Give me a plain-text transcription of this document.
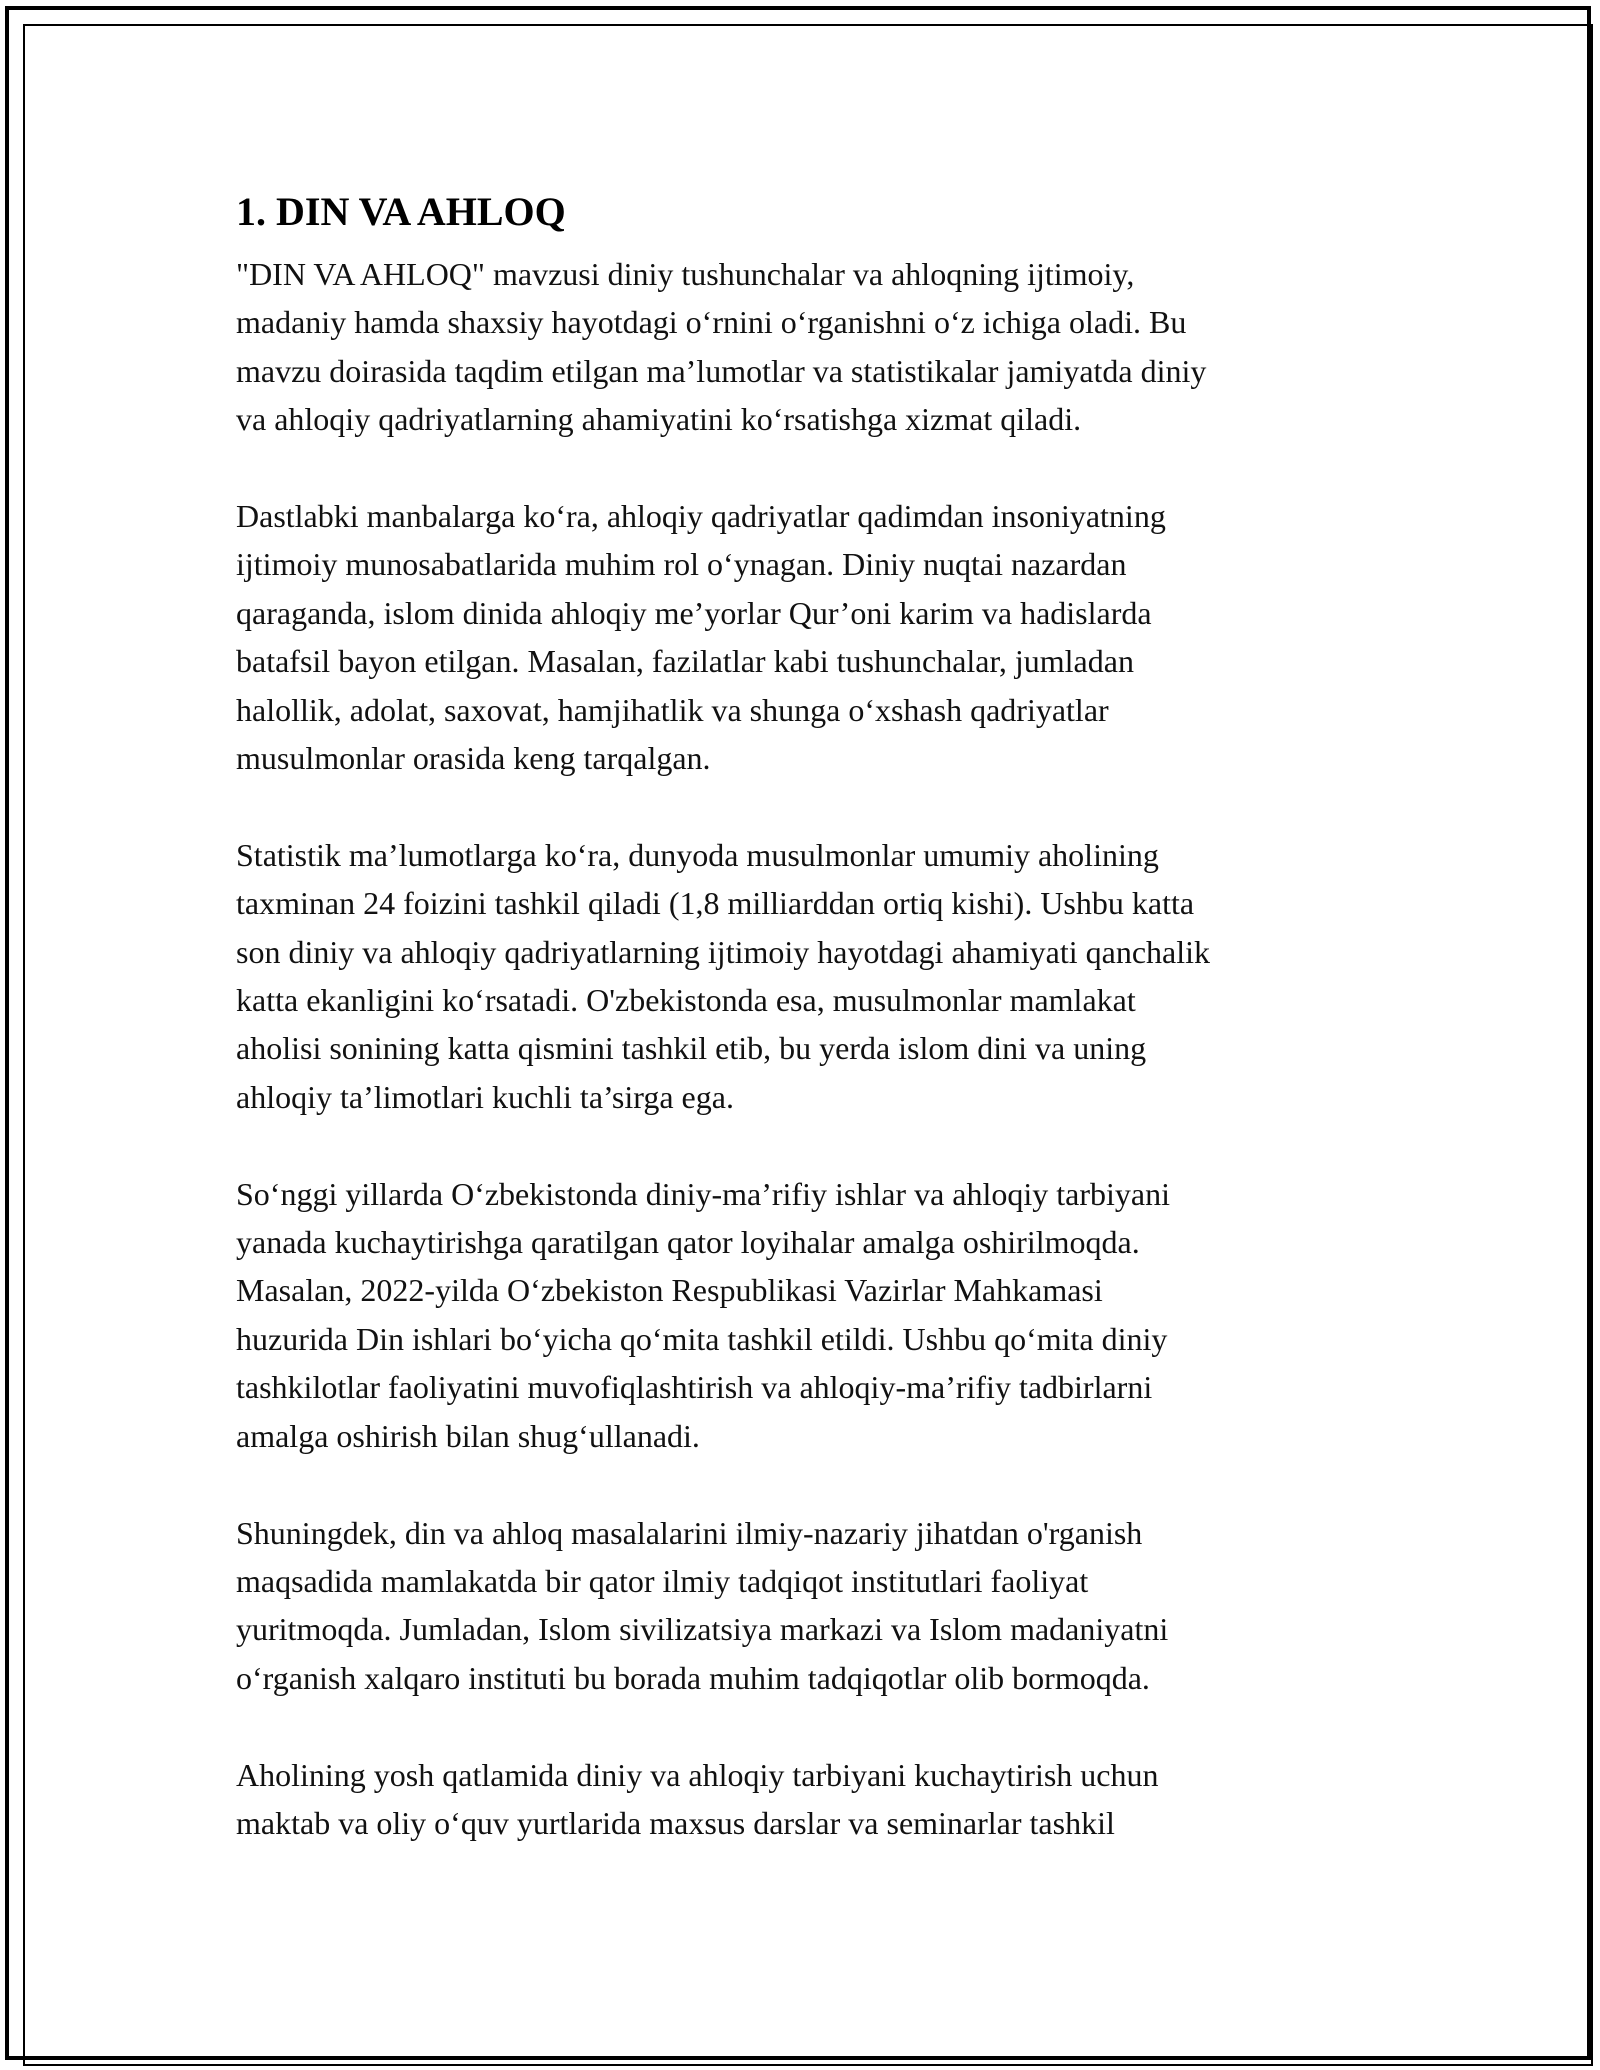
1. DIN VA AHLOQ

"DIN VA AHLOQ" mavzusi diniy tushunchalar va ahloqning ijtimoiy,
madaniy hamda shaxsiy hayotdagi o‘rnini o‘rganishni o‘z ichiga oladi. Bu
mavzu doirasida taqdim etilgan ma’lumotlar va statistikalar jamiyatda diniy
va ahloqiy qadriyatlarning ahamiyatini ko‘rsatishga xizmat qiladi.

Dastlabki manbalarga ko‘ra, ahloqiy qadriyatlar qadimdan insoniyatning
ijtimoiy munosabatlarida muhim rol o‘ynagan. Diniy nuqtai nazardan
qaraganda, islom dinida ahloqiy me’yorlar Qur’oni karim va hadislarda
batafsil bayon etilgan. Masalan, fazilatlar kabi tushunchalar, jumladan
halollik, adolat, saxovat, hamjihatlik va shunga o‘xshash qadriyatlar
musulmonlar orasida keng tarqalgan.

Statistik ma’lumotlarga ko‘ra, dunyoda musulmonlar umumiy aholining
taxminan 24 foizini tashkil qiladi (1,8 milliarddan ortiq kishi). Ushbu katta
son diniy va ahloqiy qadriyatlarning ijtimoiy hayotdagi ahamiyati qanchalik
katta ekanligini ko‘rsatadi. O'zbekistonda esa, musulmonlar mamlakat
aholisi sonining katta qismini tashkil etib, bu yerda islom dini va uning
ahloqiy ta’limotlari kuchli ta’sirga ega.

So‘nggi yillarda O‘zbekistonda diniy-ma’rifiy ishlar va ahloqiy tarbiyani
yanada kuchaytirishga qaratilgan qator loyihalar amalga oshirilmoqda.
Masalan, 2022-yilda O‘zbekiston Respublikasi Vazirlar Mahkamasi
huzurida Din ishlari bo‘yicha qo‘mita tashkil etildi. Ushbu qo‘mita diniy
tashkilotlar faoliyatini muvofiqlashtirish va ahloqiy-ma’rifiy tadbirlarni
amalga oshirish bilan shug‘ullanadi.

Shuningdek, din va ahloq masalalarini ilmiy-nazariy jihatdan o'rganish
maqsadida mamlakatda bir qator ilmiy tadqiqot institutlari faoliyat
yuritmoqda. Jumladan, Islom sivilizatsiya markazi va Islom madaniyatni
o‘rganish xalqaro instituti bu borada muhim tadqiqotlar olib bormoqda.

Aholining yosh qatlamida diniy va ahloqiy tarbiyani kuchaytirish uchun
maktab va oliy o‘quv yurtlarida maxsus darslar va seminarlar tashkil
